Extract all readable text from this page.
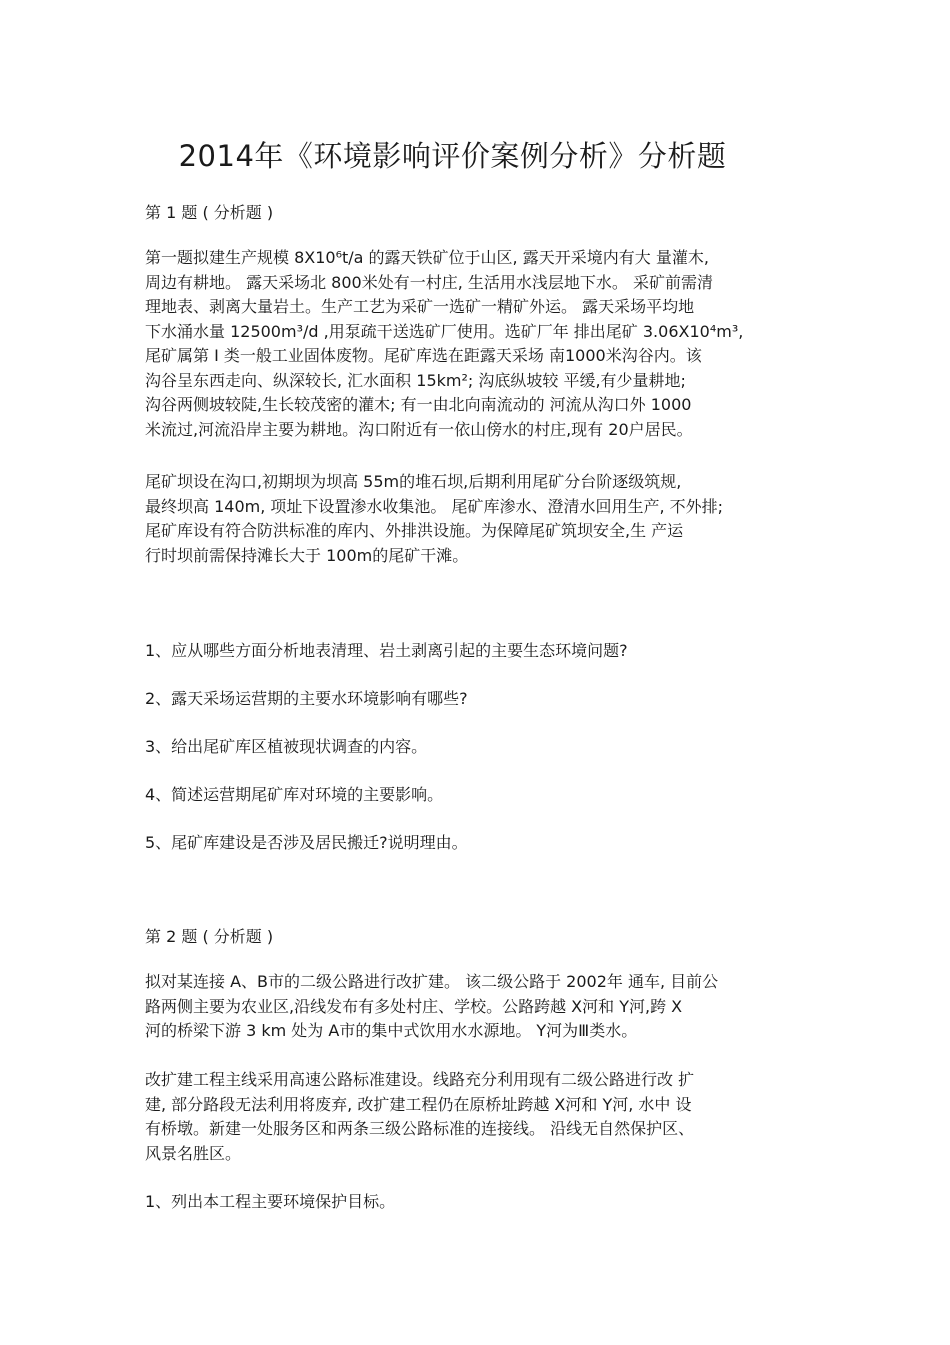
2014年《环境影响评价案例分析》分析题
第 1 题 ( 分析题 )
第一题拟建生产规模 8X10⁶t/a 的露天铁矿位于山区, 露天开采境内有大 量灌木,
周边有耕地。 露天采场北 800米处有一村庄, 生活用水浅层地下水。 采矿前需清
理地表、剥离大量岩土。生产工艺为采矿一选矿一精矿外运。 露天采场平均地
下水涌水量 12500m³/d ,用泵疏干送选矿厂使用。选矿厂年 排出尾矿 3.06X10⁴m³,
尾矿属第 I 类一般工业固体废物。尾矿库选在距露天采场 南1000米沟谷内。该
沟谷呈东西走向、纵深较长, 汇水面积 15km²; 沟底纵坡较 平缓,有少量耕地;
沟谷两侧坡较陡,生长较茂密的灌木; 有一由北向南流动的 河流从沟口外 1000
米流过,河流沿岸主要为耕地。沟口附近有一依山傍水的村庄,现有 20户居民。
尾矿坝设在沟口,初期坝为坝高 55m的堆石坝,后期利用尾矿分台阶逐级筑规,
最终坝高 140m, 项址下设置渗水收集池。 尾矿库渗水、澄清水回用生产, 不外排;
尾矿库设有符合防洪标准的库内、外排洪设施。为保障尾矿筑坝安全,生 产运
行时坝前需保持滩长大于 100m的尾矿干滩。
1、应从哪些方面分析地表清理、岩土剥离引起的主要生态环境问题?
2、露天采场运营期的主要水环境影响有哪些?
3、给出尾矿库区植被现状调查的内容。
4、简述运营期尾矿库对环境的主要影响。
5、尾矿库建设是否涉及居民搬迁?说明理由。
第 2 题 ( 分析题 )
拟对某连接 A、B市的二级公路进行改扩建。 该二级公路于 2002年 通车, 目前公
路两侧主要为农业区,沿线发布有多处村庄、学校。公路跨越 X河和 Y河,跨 X
河的桥梁下游 3 km 处为 A市的集中式饮用水水源地。 Y河为Ⅲ类水。
改扩建工程主线采用高速公路标准建设。线路充分利用现有二级公路进行改 扩
建, 部分路段无法利用将废弃, 改扩建工程仍在原桥址跨越 X河和 Y河, 水中 设
有桥墩。新建一处服务区和两条三级公路标准的连接线。 沿线无自然保护区、
风景名胜区。
1、列出本工程主要环境保护目标。
